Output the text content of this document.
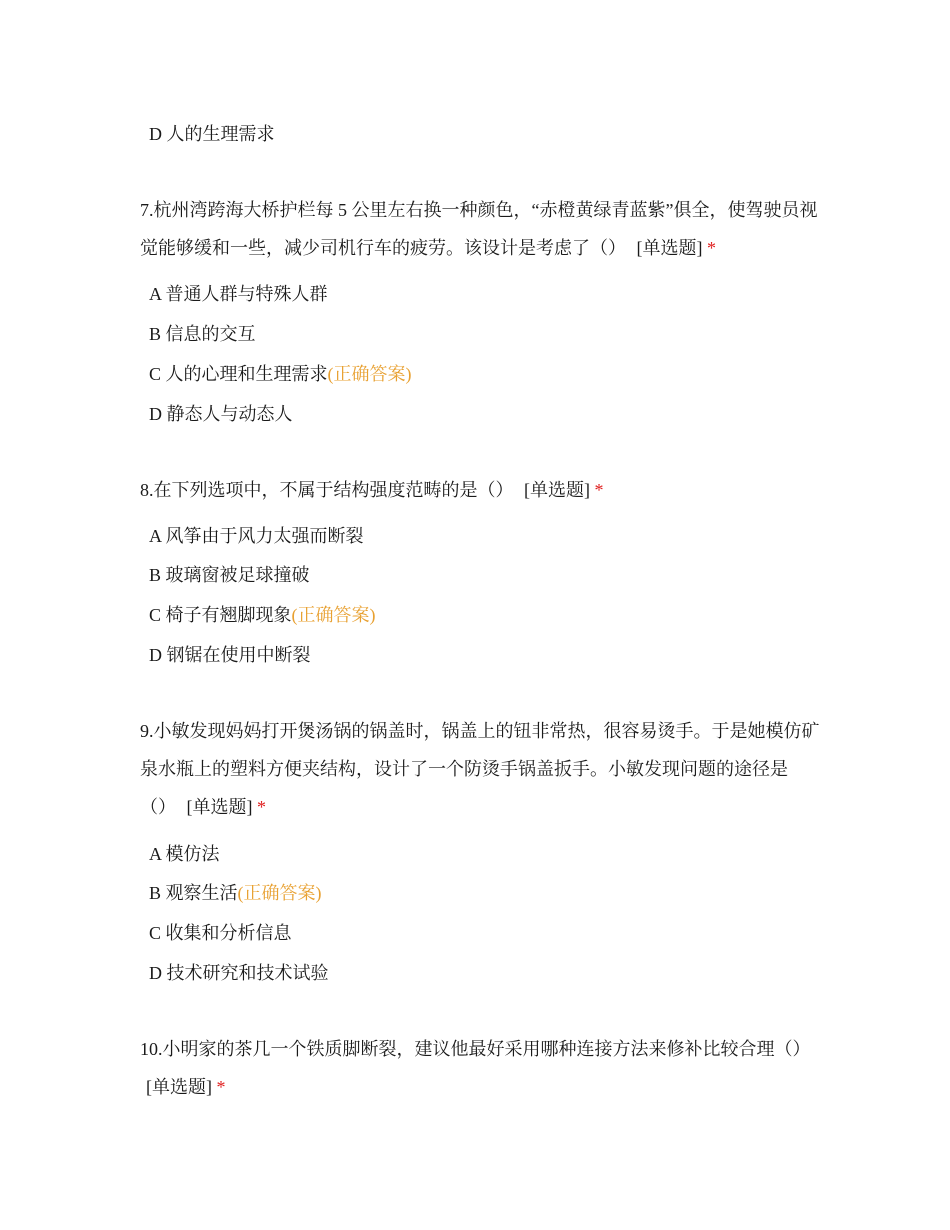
D 人的生理需求
7.杭州湾跨海大桥护栏每 5 公里左右换一种颜色，“赤橙黄绿青蓝紫”俱全，使驾驶员视觉能够缓和一些，减少司机行车的疲劳。该设计是考虑了（） [单选题] *
A 普通人群与特殊人群
B 信息的交互
C 人的心理和生理需求(正确答案)
D 静态人与动态人
8.在下列选项中，不属于结构强度范畴的是（） [单选题] *
A 风筝由于风力太强而断裂
B 玻璃窗被足球撞破
C 椅子有翘脚现象(正确答案)
D 钢锯在使用中断裂
9.小敏发现妈妈打开煲汤锅的锅盖时，锅盖上的钮非常热，很容易烫手。于是她模仿矿泉水瓶上的塑料方便夹结构，设计了一个防烫手锅盖扳手。小敏发现问题的途径是（） [单选题] *
A 模仿法
B 观察生活(正确答案)
C 收集和分析信息
D 技术研究和技术试验
10.小明家的茶几一个铁质脚断裂，建议他最好采用哪种连接方法来修补比较合理（） [单选题] *
